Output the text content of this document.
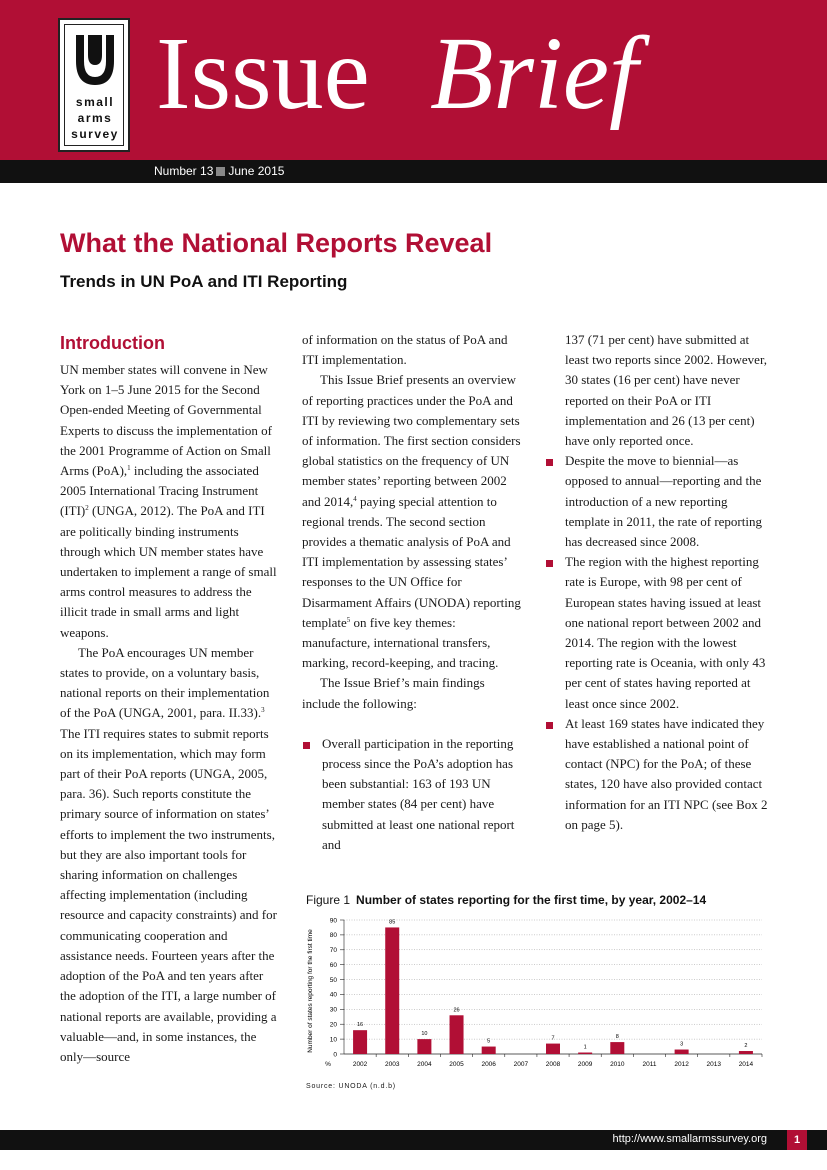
small
arms
survey
Issue Brief
Number 13 June 2015
What the National Reports Reveal
Trends in UN PoA and ITI Reporting
Introduction

UN member states will convene in New York on 1–5 June 2015 for the Second Open-ended Meeting of Governmental Experts to discuss the implementation of the 2001 Programme of Action on Small Arms (PoA),$^1$ including the associated 2005 International Tracing Instrument (ITI)$^2$ (UNGA, 2012). The PoA and ITI are politically binding instruments through which UN member states have undertaken to implement a range of small arms control measures to address the illicit trade in small arms and light weapons.

The PoA encourages UN member states to provide, on a voluntary basis, national reports on their implementation of the PoA (UNGA, 2001, para. II.33).$^3$ The ITI requires states to submit reports on its implementation, which may form part of their PoA reports (UNGA, 2005, para. 36). Such reports constitute the primary source of information on states’ efforts to implement the two instruments, but they are also important tools for sharing information on challenges affecting implementation (including resource and capacity constraints) and for communicating cooperation and assistance needs. Fourteen years after the adoption of the PoA and ten years after the adoption of the ITI, a large number of national reports are available, providing a valuable—and, in some instances, the only—source

of information on the status of PoA and ITI implementation.

This Issue Brief presents an overview of reporting practices under the PoA and ITI by reviewing two complementary sets of information. The first section considers global statistics on the frequency of UN member states’ reporting between 2002 and 2014,$^4$ paying special attention to regional trends. The second section provides a thematic analysis of PoA and ITI implementation by assessing states’ responses to the UN Office for Disarmament Affairs (UNODA) reporting template$^5$ on five key themes: manufacture, international transfers, marking, record-keeping, and tracing.

The Issue Brief’s main findings include the following:

Overall participation in the reporting process since the PoA’s adoption has been substantial: 163 of 193 UN member states (84 per cent) have submitted at least one national report and

137 (71 per cent) have submitted at least two reports since 2002. However, 30 states (16 per cent) have never reported on their PoA or ITI implementation and 26 (13 per cent) have only reported once.

Despite the move to biennial—as opposed to annual—reporting and the introduction of a new reporting template in 2011, the rate of reporting has decreased since 2008.
The region with the highest reporting rate is Europe, with 98 per cent of European states having issued at least one national report between 2002 and 2014. The region with the lowest reporting rate is Oceania, with only 43 per cent of states having reported at least once since 2002.
At least 169 states have indicated they have established a national point of contact (NPC) for the PoA; of these states, 120 have also provided contact information for an ITI NPC (see Box 2 on page 5).
Figure 1 Number of states reporting for the first time, by year, 2002–14
Number of states reporting for the first time
0
10
20
30
40
50
60
70
80
90
16
85
10
26
5	7
1
8
3	2
2002	2003	2004	2005	2006	2007	2008	2009	2010	2011	2012	2013	2014
%
Source: UNODA (n.d.b)
http://www.smallarmssurvey.org	1
